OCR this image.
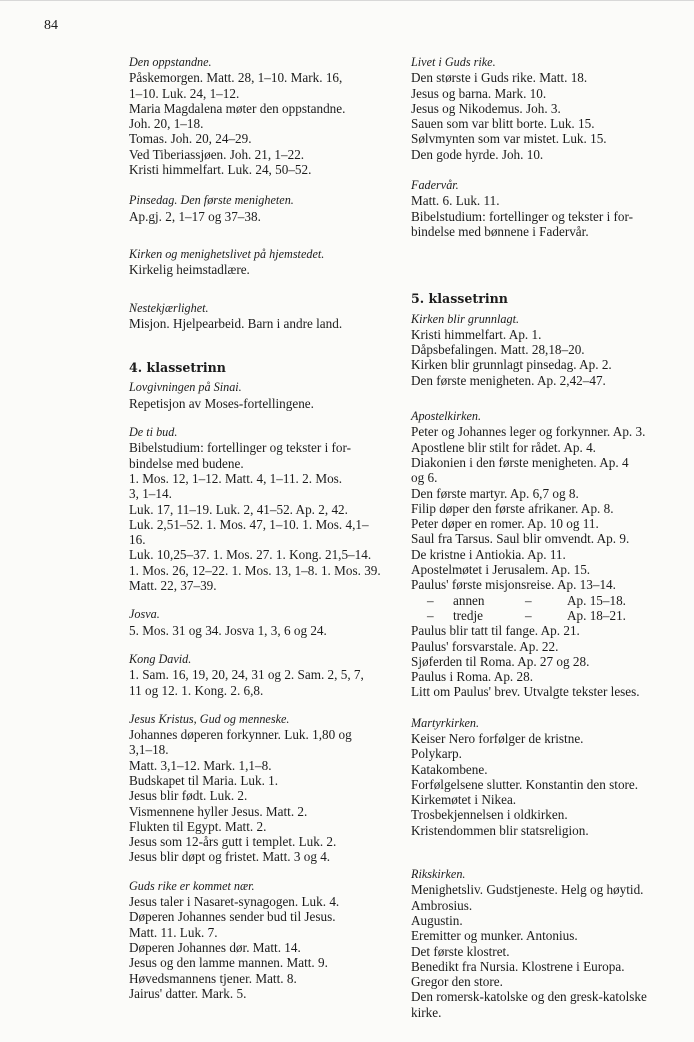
84
Den oppstandne.
Påskemorgen. Matt. 28, 1–10. Mark. 16,
1–10. Luk. 24, 1–12.
Maria Magdalena møter den oppstandne.
Joh. 20, 1–18.
Tomas. Joh. 20, 24–29.
Ved Tiberiassjøen. Joh. 21, 1–22.
Kristi himmelfart. Luk. 24, 50–52.
Pinsedag. Den første menigheten.
Ap.gj. 2, 1–17 og 37–38.
Kirken og menighetslivet på hjemstedet.
Kirkelig heimstadlære.
Nestekjærlighet.
Misjon. Hjelpearbeid. Barn i andre land.
4. klassetrinn
Lovgivningen på Sinai.
Repetisjon av Moses-fortellingene.
De ti bud.
Bibelstudium: fortellinger og tekster i for-
bindelse med budene.
1. Mos. 12, 1–12. Matt. 4, 1–11. 2. Mos.
3, 1–14.
Luk. 17, 11–19. Luk. 2, 41–52. Ap. 2, 42.
Luk. 2,51–52. 1. Mos. 47, 1–10. 1. Mos. 4,1–
16.
Luk. 10,25–37. 1. Mos. 27. 1. Kong. 21,5–14.
1. Mos. 26, 12–22. 1. Mos. 13, 1–8. 1. Mos. 39.
Matt. 22, 37–39.
Josva.
5. Mos. 31 og 34. Josva 1, 3, 6 og 24.
Kong David.
1. Sam. 16, 19, 20, 24, 31 og 2. Sam. 2, 5, 7,
11 og 12. 1. Kong. 2. 6,8.
Jesus Kristus, Gud og menneske.
Johannes døperen forkynner. Luk. 1,80 og
3,1–18.
Matt. 3,1–12. Mark. 1,1–8.
Budskapet til Maria. Luk. 1.
Jesus blir født. Luk. 2.
Vismennene hyller Jesus. Matt. 2.
Flukten til Egypt. Matt. 2.
Jesus som 12-års gutt i templet. Luk. 2.
Jesus blir døpt og fristet. Matt. 3 og 4.
Guds rike er kommet nær.
Jesus taler i Nasaret-synagogen. Luk. 4.
Døperen Johannes sender bud til Jesus.
Matt. 11. Luk. 7.
Døperen Johannes dør. Matt. 14.
Jesus og den lamme mannen. Matt. 9.
Høvedsmannens tjener. Matt. 8.
Jairus' datter. Mark. 5.
Livet i Guds rike.
Den største i Guds rike. Matt. 18.
Jesus og barna. Mark. 10.
Jesus og Nikodemus. Joh. 3.
Sauen som var blitt borte. Luk. 15.
Sølvmynten som var mistet. Luk. 15.
Den gode hyrde. Joh. 10.
Fadervår.
Matt. 6. Luk. 11.
Bibelstudium: fortellinger og tekster i for-
bindelse med bønnene i Fadervår.
5. klassetrinn
Kirken blir grunnlagt.
Kristi himmelfart. Ap. 1.
Dåpsbefalingen. Matt. 28,18–20.
Kirken blir grunnlagt pinsedag. Ap. 2.
Den første menigheten. Ap. 2,42–47.
Apostelkirken.
Peter og Johannes leger og forkynner. Ap. 3.
Apostlene blir stilt for rådet. Ap. 4.
Diakonien i den første menigheten. Ap. 4
og 6.
Den første martyr. Ap. 6,7 og 8.
Filip døper den første afrikaner. Ap. 8.
Peter døper en romer. Ap. 10 og 11.
Saul fra Tarsus. Saul blir omvendt. Ap. 9.
De kristne i Antiokia. Ap. 11.
Apostelmøtet i Jerusalem. Ap. 15.
Paulus' første misjonsreise. Ap. 13–14.
–	annen	–	Ap. 15–18.
–	tredje	–	Ap. 18–21.
Paulus blir tatt til fange. Ap. 21.
Paulus' forsvarstale. Ap. 22.
Sjøferden til Roma. Ap. 27 og 28.
Paulus i Roma. Ap. 28.
Litt om Paulus' brev. Utvalgte tekster leses.
Martyrkirken.
Keiser Nero forfølger de kristne.
Polykarp.
Katakombene.
Forfølgelsene slutter. Konstantin den store.
Kirkemøtet i Nikea.
Trosbekjennelsen i oldkirken.
Kristendommen blir statsreligion.
Rikskirken.
Menighetsliv. Gudstjeneste. Helg og høytid.
Ambrosius.
Augustin.
Eremitter og munker. Antonius.
Det første klostret.
Benedikt fra Nursia. Klostrene i Europa.
Gregor den store.
Den romersk-katolske og den gresk-katolske
kirke.
